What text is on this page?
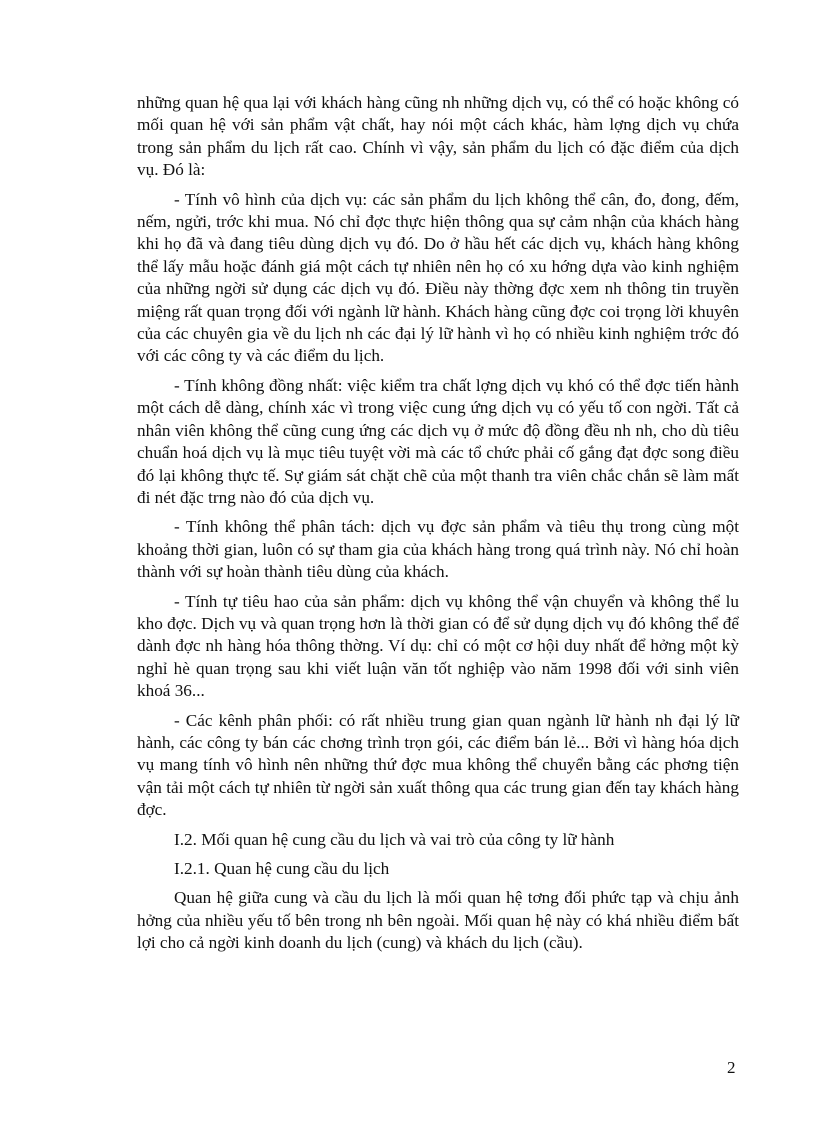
những quan hệ qua lại với khách hàng cũng nh những dịch vụ, có thể có hoặc không có mối quan hệ với sản phẩm vật chất, hay nói một cách khác, hàm lợng dịch vụ chứa trong sản phẩm du lịch rất cao. Chính vì vậy, sản phẩm du lịch có đặc điểm của dịch vụ. Đó là:

- Tính vô hình của dịch vụ: các sản phẩm du lịch không thể cân, đo, đong, đếm, nếm, ngửi, trớc khi mua. Nó chỉ đợc thực hiện thông qua sự cảm nhận của khách hàng khi họ đã và đang tiêu dùng dịch vụ đó. Do ở hầu hết các dịch vụ, khách hàng không thể lấy mẫu hoặc đánh giá một cách tự nhiên nên họ có xu hớng dựa vào kinh nghiệm của những ngời sử dụng các dịch vụ đó. Điều này thờng đợc xem nh thông tin truyền miệng rất quan trọng đối với ngành lữ hành. Khách hàng cũng đợc coi trọng lời khuyên của các chuyên gia về du lịch nh các đại lý lữ hành vì họ có nhiều kinh nghiệm trớc đó với các công ty và các điểm du lịch.

- Tính không đồng nhất: việc kiểm tra chất lợng dịch vụ khó có thể đợc tiến hành một cách dễ dàng, chính xác vì trong việc cung ứng dịch vụ có yếu tố con ngời. Tất cả nhân viên không thể cũng cung ứng các dịch vụ ở mức độ đồng đều nh nh, cho dù tiêu chuẩn hoá dịch vụ là mục tiêu tuyệt vời mà các tổ chức phải cố gắng đạt đợc song điều đó lại không thực tế. Sự giám sát chặt chẽ của một thanh tra viên chắc chắn sẽ làm mất đi nét đặc trng nào đó của dịch vụ.

- Tính không thể phân tách: dịch vụ đợc sản phẩm và tiêu thụ trong cùng một khoảng thời gian, luôn có sự tham gia của khách hàng trong quá trình này. Nó chỉ hoàn thành với sự hoàn thành tiêu dùng của khách.

- Tính tự tiêu hao của sản phẩm: dịch vụ không thể vận chuyển và không thể lu kho đợc. Dịch vụ và quan trọng hơn là thời gian có để sử dụng dịch vụ đó không thể để dành đợc nh hàng hóa thông thờng. Ví dụ: chỉ có một cơ hội duy nhất để hởng một kỳ nghỉ hè quan trọng sau khi viết luận văn tốt nghiệp vào năm 1998 đối với sinh viên khoá 36...

- Các kênh phân phối: có rất nhiều trung gian quan ngành lữ hành nh đại lý lữ hành, các công ty bán các chơng trình trọn gói, các điểm bán lẻ... Bởi vì hàng hóa dịch vụ mang tính vô hình nên những thứ đợc mua không thể chuyển bằng các phơng tiện vận tải một cách tự nhiên từ ngời sản xuất thông qua các trung gian đến tay khách hàng đợc.

I.2. Mối quan hệ cung cầu du lịch và vai trò của công ty lữ hành

I.2.1. Quan hệ cung cầu du lịch

Quan hệ giữa cung và cầu du lịch là mối quan hệ tơng đối phức tạp và chịu ảnh hởng của nhiều yếu tố bên trong nh bên ngoài. Mối quan hệ này có khá nhiều điểm bất lợi cho cả ngời kinh doanh du lịch (cung) và khách du lịch (cầu).

2
